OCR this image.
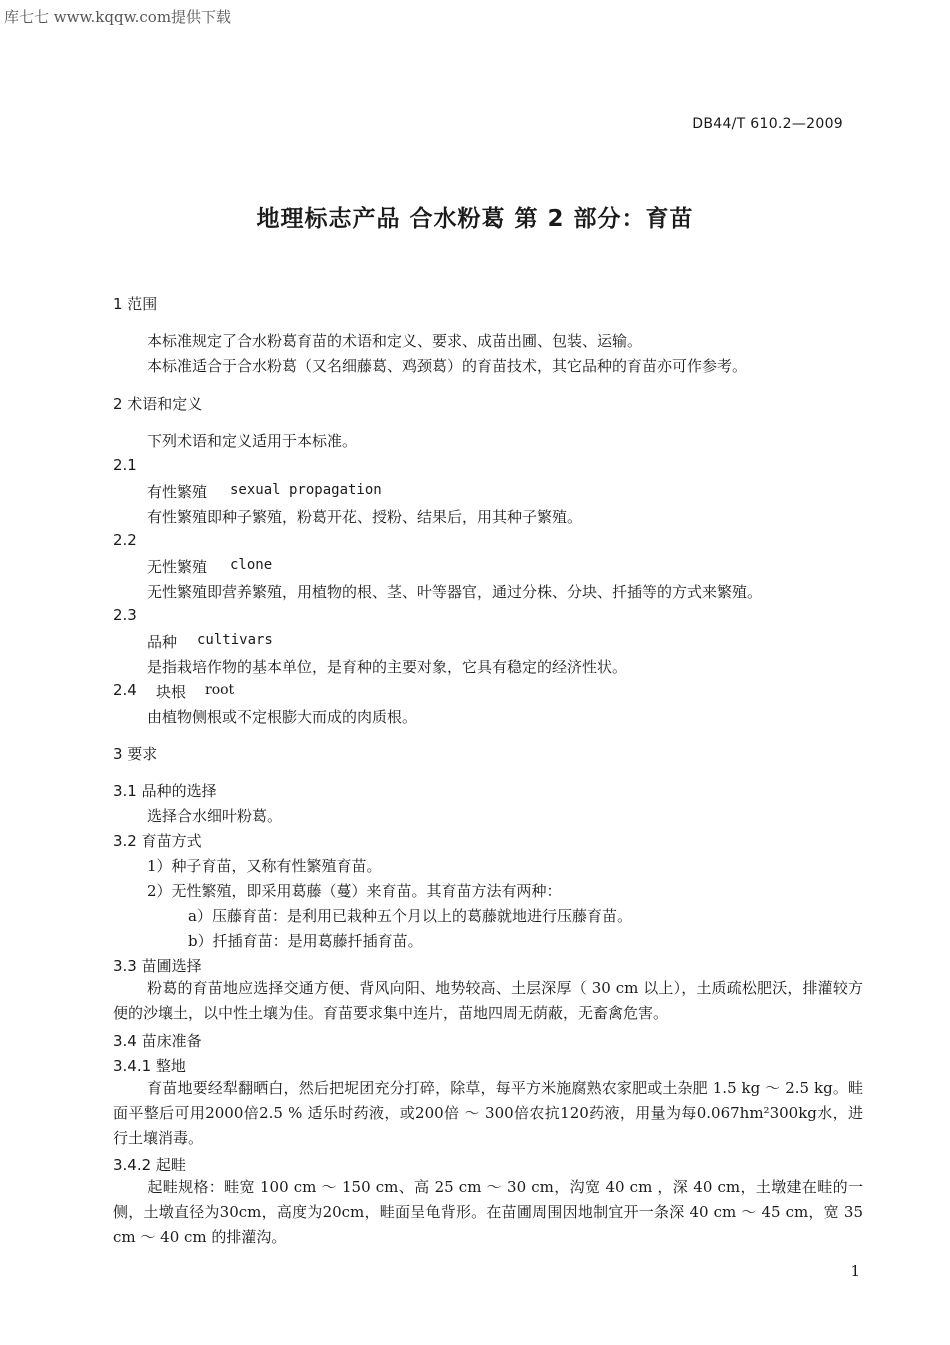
库七七 www.kqqw.com提供下载
DB44/T 610.2—2009
地理标志产品 合水粉葛 第 2 部分：育苗
1 范围
本标准规定了合水粉葛育苗的术语和定义、要求、成苗出圃、包装、运输。
本标准适合于合水粉葛（又名细藤葛、鸡颈葛）的育苗技术，其它品种的育苗亦可作参考。
2 术语和定义
下列术语和定义适用于本标准。
2.1
有性繁殖 sexual propagation
有性繁殖即种子繁殖，粉葛开花、授粉、结果后，用其种子繁殖。
2.2
无性繁殖 clone
无性繁殖即营养繁殖，用植物的根、茎、叶等器官，通过分株、分块、扦插等的方式来繁殖。
2.3
品种 cultivars
是指栽培作物的基本单位，是育种的主要对象，它具有稳定的经济性状。
2.4 块根 root
由植物侧根或不定根膨大而成的肉质根。
3 要求
3.1 品种的选择
选择合水细叶粉葛。
3.2 育苗方式
1）种子育苗，又称有性繁殖育苗。
2）无性繁殖，即采用葛藤（蔓）来育苗。其育苗方法有两种：
a）压藤育苗：是利用已栽种五个月以上的葛藤就地进行压藤育苗。
b）扦插育苗：是用葛藤扦插育苗。
3.3 苗圃选择
粉葛的育苗地应选择交通方便、背风向阳、地势较高、土层深厚（ 30 cm 以上），土质疏松肥沃，排灌较方便的沙壤土，以中性土壤为佳。育苗要求集中连片，苗地四周无荫蔽，无畜禽危害。
3.4 苗床准备
3.4.1 整地
育苗地要经犁翻晒白，然后把坭团充分打碎，除草，每平方米施腐熟农家肥或土杂肥 1.5 kg ～ 2.5 kg。畦面平整后可用2000倍2.5 % 适乐时药液，或200倍 ～ 300倍农抗120药液，用量为每0.067hm²300kg水，进行土壤消毒。
3.4.2 起畦
起畦规格：畦宽 100 cm ～ 150 cm、高 25 cm ～ 30 cm，沟宽 40 cm ，深 40 cm，土墩建在畦的一侧，土墩直径为30cm，高度为20cm，畦面呈龟背形。在苗圃周围因地制宜开一条深 40 cm ～ 45 cm，宽 35 cm ～ 40 cm 的排灌沟。
1
